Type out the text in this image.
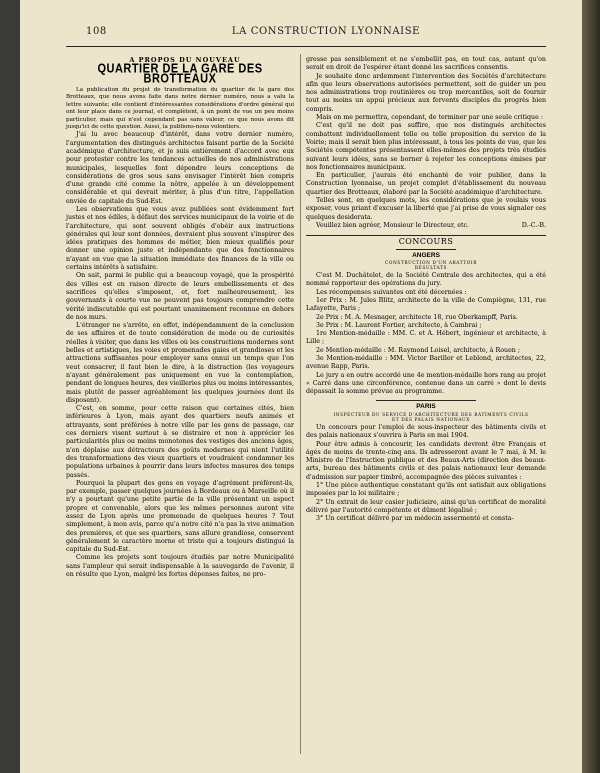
108	LA CONSTRUCTION LYONNAISE

A PROPOS DU NOUVEAU

QUARTIER DE LA GARE DES BROTTEAUX

La publication du projet de transformation du quartier de la gare des Brotteaux, que nous avons faite dans notre dernier numéro, nous a valu la lettre suivante; elle contient d'intéressantes considérations d'ordre général qui ont leur place dans ce journal, et complètent, à un point de vue un peu moins particulier, mais qui n'est cependant pas sans valeur, ce que nous avons dit jusqu'ici de cette question. Aussi, la publions-nous volontiers.

J'ai lu avec beaucoup d'intérêt, dans votre dernier numéro, l'argumentation des distingués architectes faisant partie de la Société académique d'architecture, et je suis entièrement d'accord avec eux pour protester contre les tendances actuelles de nos administrations municipales, lesquelles font dépendre leurs conceptions de considérations de gros sous sans envisager l'intérêt bien compris d'une grande cité comme la nôtre, appelée à un développement considérable et qui devrait mériter, à plus d'un titre, l'appellation enviée de capitale du Sud-Est.

Les observations que vous avez publiées sont évidemment fort justes et nos édiles, à défaut des services municipaux de la voirie et de l'architecture, qui sont souvent obligés d'obéir aux instructions générales qui leur sont données, devraient plus souvent s'inspirer des idées pratiques des hommes de métier, bien mieux qualifiés pour donner une opinion juste et indépendante que des fonctionnaires n'ayant en vue que la situation immédiate des finances de la ville ou certains intérêts à satisfaire.

On sait, parmi le public qui a beaucoup voyagé, que la prospérité des villes est en raison directe de leurs embellissements et des sacrifices qu'elles s'imposent, et, fort malheureusement, les gouvernants à courte vue ne peuvent pas toujours comprendre cette vérité indiscutable qui est pourtant unanimement reconnue en dehors de nos murs.

L'étranger ne s'arrête, en effet, indépendamment de la conclusion de ses affaires et de toute considération de mode ou de curiosités réelles à visiter, que dans les villes où les constructions modernes sont belles et artistiques, les voies et promenades gaies et grandioses et les attractions suffisantes pour employer sans ennui un temps que l'on veut consacrer, il faut bien le dire, à la distraction (les voyageurs n'ayant généralement pas uniquement en vue la contemplation, pendant de longues heures, des vieilleries plus ou moins intéressantes, mais plutôt de passer agréablement les quelques journées dont ils disposent).

C'est, en somme, pour cette raison que certaines cités, bien inférieures à Lyon, mais ayant des quartiers neufs animés et attrayants, sont préférées à notre ville par les gens de passage, car ces derniers visent surtout à se distraire et non à apprécier les particularités plus ou moins monotones des vestiges des anciens âges, n'en déplaise aux détracteurs des goûts modernes qui nient l'utilité des transformations des vieux quartiers et voudraient condamner les populations urbaines à pourrir dans leurs infectes masures des temps passés.

Pourquoi la plupart des gens en voyage d'agrément préfèrent-ils, par exemple, passer quelques journées à Bordeaux ou à Marseille où il n'y a pourtant qu'une petite partie de la ville présentant un aspect propre et convenable, alors que les mêmes personnes auront vite assez de Lyon après une promenade de quelques heures ? Tout simplement, à mon avis, parce qu'a notre cité n'a pas la vive animation des premières, et que ses quartiers, sans allure grandiose, conservent généralement le caractère morne et triste qui a toujours distingué la capitale du Sud-Est.

Comme les projets sont toujours étudiés par notre Municipalité sans l'ampleur qui serait indispensable à la sauvegarde de l'avenir, il en résulte que Lyon, malgré les fortes dépenses faites, ne pro-

gresse pas sensiblement et ne s'embellit pas, en tout cas, autant qu'on serait en droit de l'espérer étant donné les sacrifices consentis.

Je souhaite donc ardemment l'intervention des Sociétés d'architecture afin que leurs observations autorisées permettent, soit de guider un peu nos administrations trop routinières ou trop mercantiles, soit de fournir tout au moins un appui précieux aux fervents disciples du progrès bien compris.

Mais on me permettra, cependant, de terminer par une seule critique :

C'est qu'il ne doit pas suffire, que nos distingués architectes combattent individuellement telle ou telle proposition du service de la Voirie; mais il serait bien plus intéressant, à tous les points de vue, que les Sociétés compétentes présentassent elles-mêmes des projets très étudiés suivant leurs idées, sans se borner à rejeter les conceptions émises par nos fonctionnaires municipaux.

En particulier, j'aurais été enchanté de voir publier, dans la Construction lyonnaise, un projet complet d'établissement du nouveau quartier des Brotteaux, élaboré par la Société académique d'architecture.

Telles sont, en quelques mots, les considérations que je voulais vous exposer, vous priant d'excuser la liberté que j'ai prise de vous signaler ces quelques desiderata.

Veuillez bien agréer, Monsieur le Directeur, etc.	D.-C.-B.

CONCOURS
ANGERS

CONSTRUCTION D'UN ABATTOIR

RÉSULTATS

C'est M. Duchâtelet, de la Société Centrale des architectes, qui a été nommé rapporteur des opérations du jury.

Les récompenses suivantes ont été décernées :

1er Prix : M. Jules Blitz, architecte de la ville de Compiègne, 131, rue Lafayette, Paris ;

2e Prix : M. A. Mesnager, architecte 18, rue Oberkampff, Paris.

3e Prix : M. Laurent Fortier, architecte, à Cambrai ;

1re Mention-médaille : MM. C. et A. Hébert, ingénieur et architecte, à Lille ;

2e Mention-médaille : M. Raymond Loisel, architecte, à Rouen ;

3e Mention-médaille : MM. Victor Bariller et Leblond, architectes, 22, avenue Rapp, Paris.

Le jury a en outre accordé une 4e mention-médaille hors rang au projet « Carré dans une circonférence, contenue dans un carré » dont le devis dépassait la somme prévue au programme.

PARIS

INSPECTEUR DU SERVICE D'ARCHITECTURE DES BATIMENTS CIVILS

ET DES PALAIS NATIONAUX

Un concours pour l'emploi de sous-inspecteur des bâtiments civils et des palais nationaux s'ouvrira à Paris en mai 1904.

Pour être admis à concourir, les candidats devront être Français et âgés de moins de trente-cinq ans. Ils adresseront avant le 7 mai, à M. le Ministre de l'Instruction publique et des Beaux-Arts (direction des beaux-arts, bureau des bâtiments civils et des palais nationaux) leur demande d'admission sur papier timbré, accompagnée des pièces suivantes :

1° Une pièce authentique constatant qu'ils ont satisfait aux obligations imposées par la loi militaire ;

2° Un extrait de leur casier judiciaire, ainsi qu'un certificat de moralité délivré par l'autorité compétente et dûment légalisé ;

3° Un certificat délivré par un médecin assermenté et consta-
